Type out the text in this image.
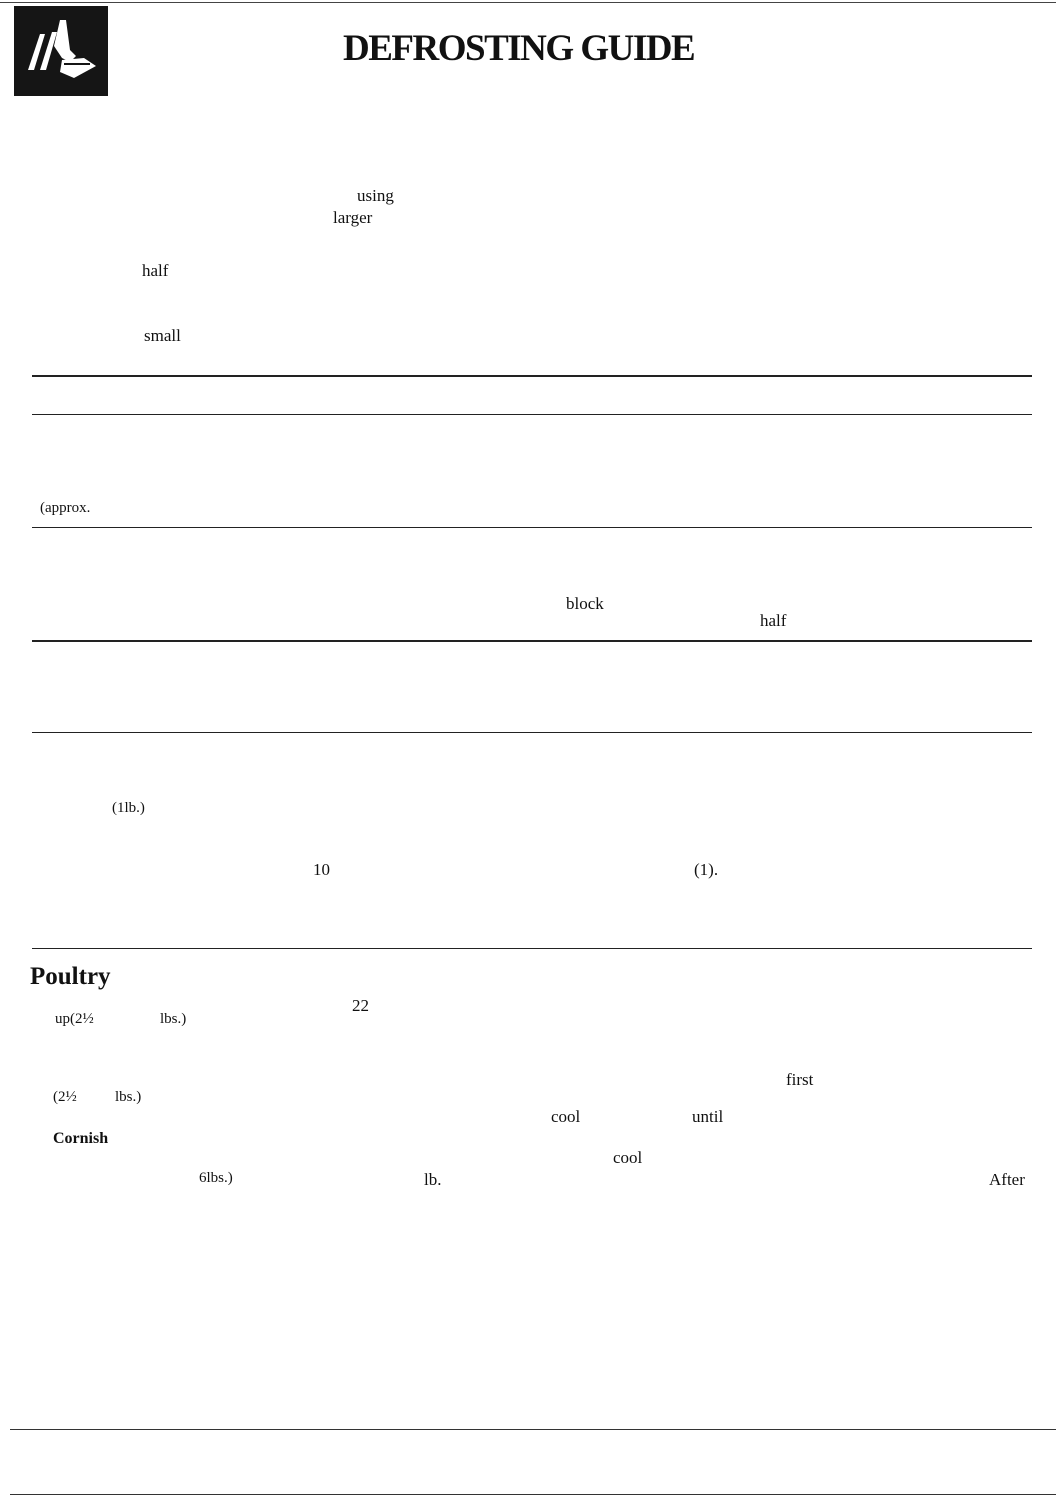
DEFROSTING GUIDE
using
larger
half
small
(approx.
block
half
(1lb.)
10	(1).
Poultry
22
up(2½	lbs.)
first
(2½	lbs.)
cool	until
Cornish
cool
6lbs.)	lb.	After
